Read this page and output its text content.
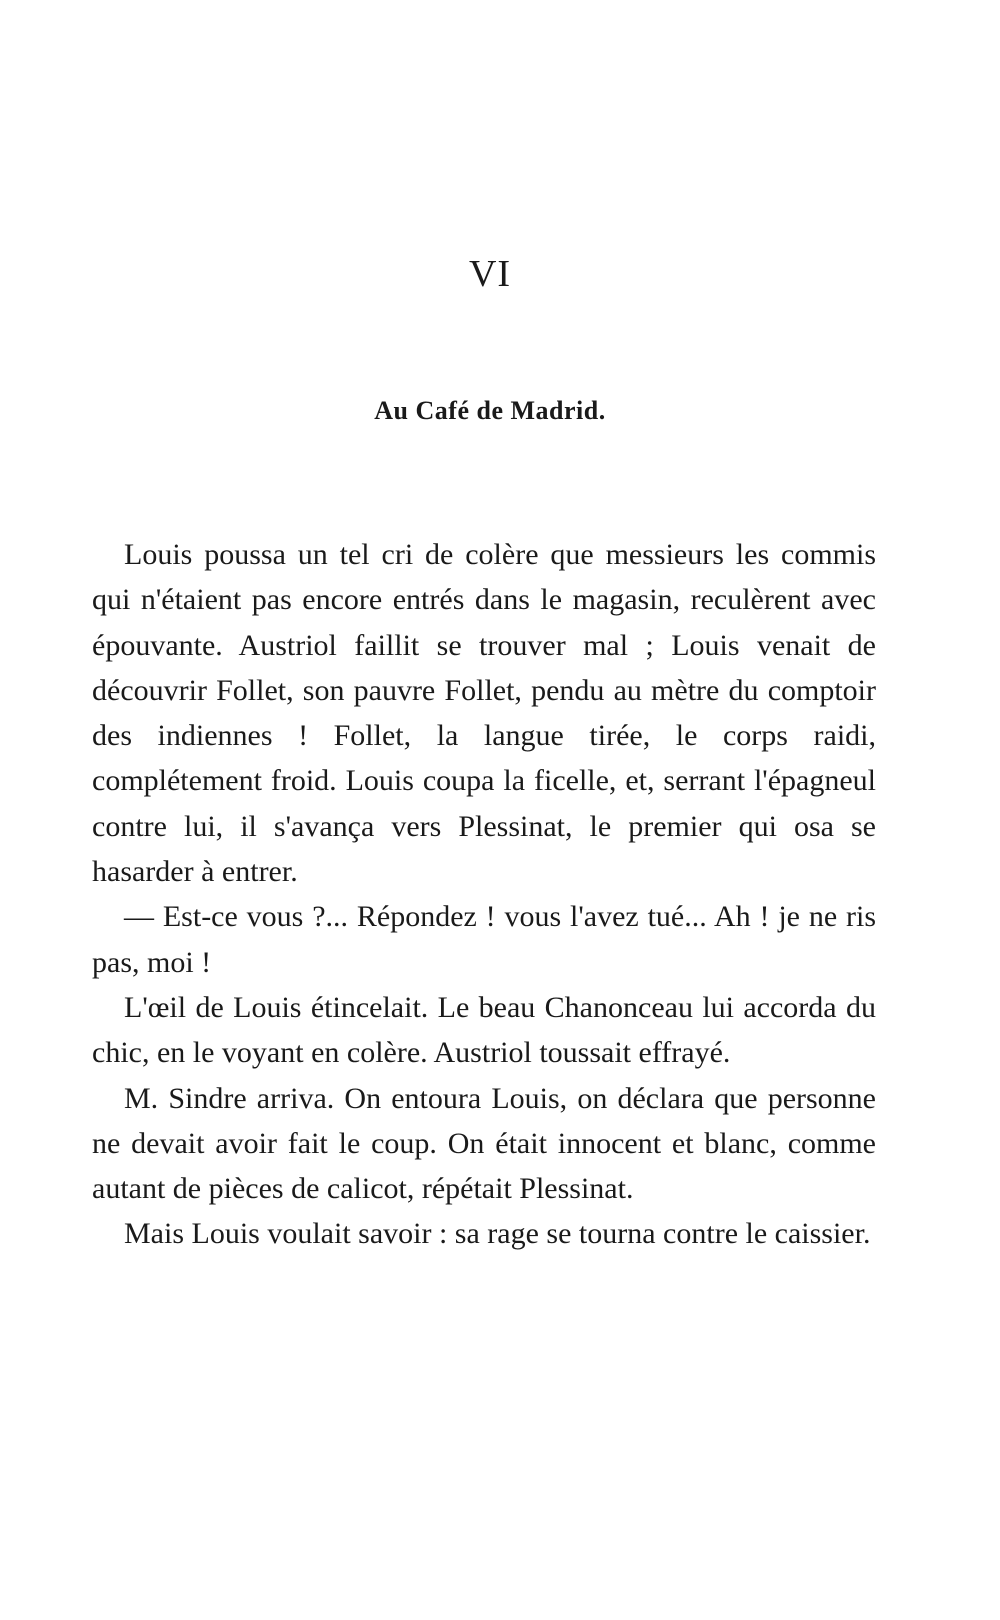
VI
Au Café de Madrid.

Louis poussa un tel cri de colère que messieurs les commis qui n'étaient pas encore entrés dans le magasin, reculèrent avec épouvante. Austriol faillit se trouver mal ; Louis venait de découvrir Follet, son pauvre Follet, pendu au mètre du comptoir des indiennes ! Follet, la langue tirée, le corps raidi, complétement froid. Louis coupa la ficelle, et, serrant l'épagneul contre lui, il s'avança vers Plessinat, le premier qui osa se hasarder à entrer.

— Est-ce vous ?... Répondez ! vous l'avez tué... Ah ! je ne ris pas, moi !

L'œil de Louis étincelait. Le beau Chanonceau lui accorda du chic, en le voyant en colère. Austriol toussait effrayé.

M. Sindre arriva. On entoura Louis, on déclara que personne ne devait avoir fait le coup. On était innocent et blanc, comme autant de pièces de calicot, répétait Plessinat.

Mais Louis voulait savoir : sa rage se tourna contre le caissier.
